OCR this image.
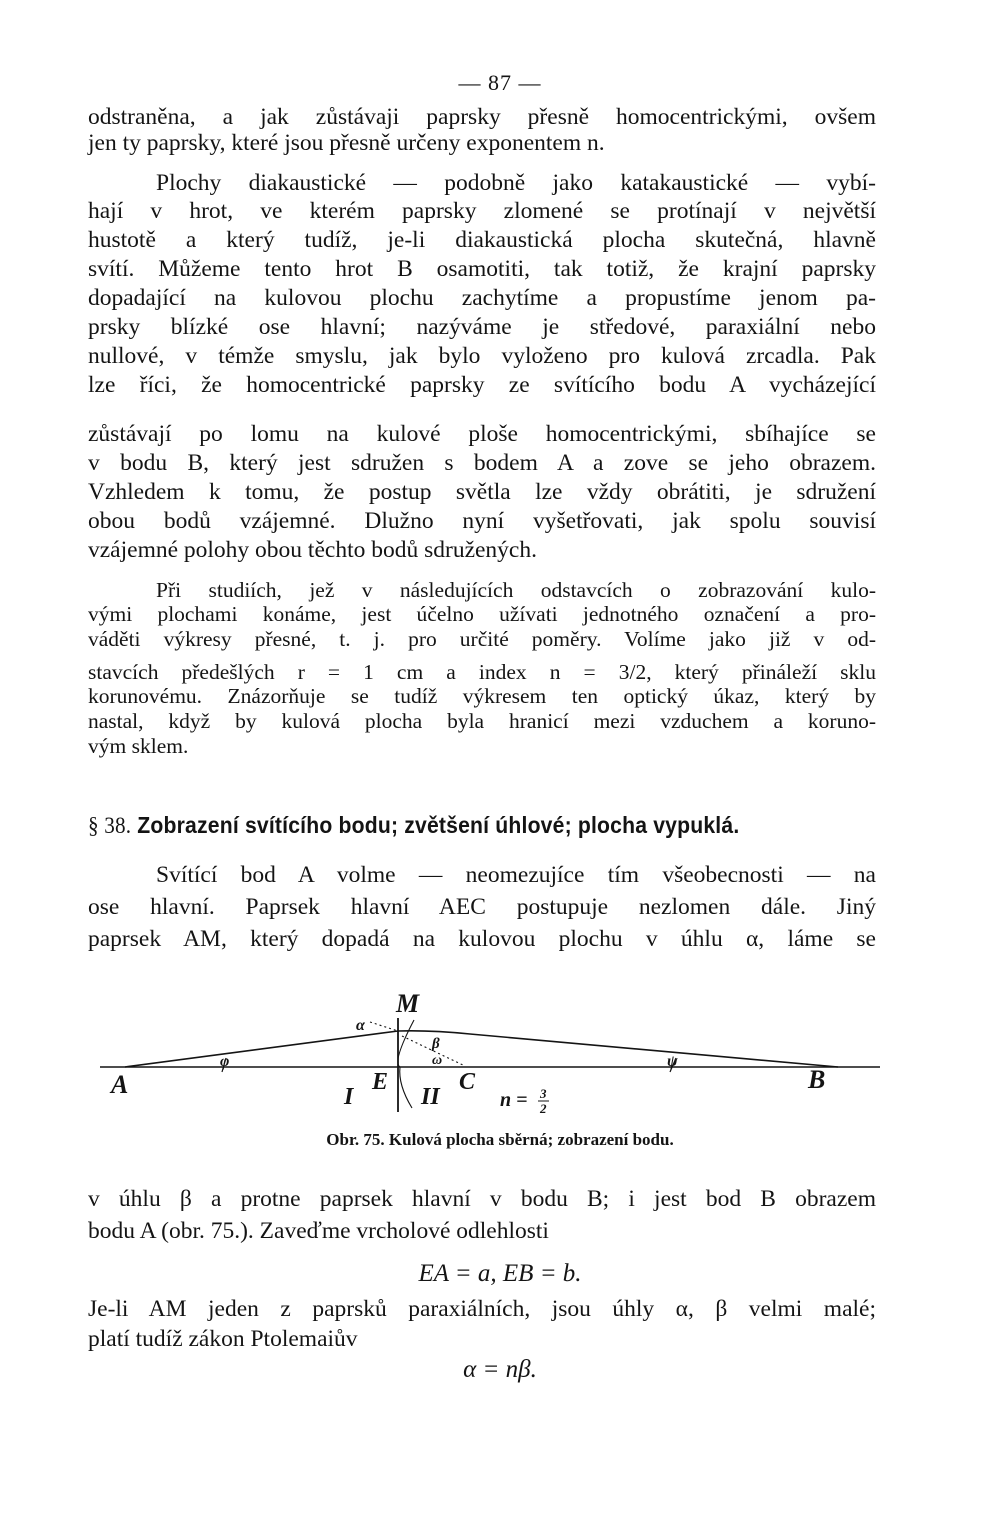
— 87 —
odstraněna, a jak zůstávaji paprsky přesně homocentrickými, ovšem
jen ty paprsky, které jsou přesně určeny exponentem n.
Plochy diakaustické — podobně jako katakaustické — vybí-
hají v hrot, ve kterém paprsky zlomené se protínají v největší
hustotě a který tudíž, je-li diakaustická plocha skutečná, hlavně
svítí. Můžeme tento hrot B osamotiti, tak totiž, že krajní paprsky
dopadající na kulovou plochu zachytíme a propustíme jenom pa-
prsky blízké ose hlavní; nazýváme je středové, paraxiální nebo
nullové, v témže smyslu, jak bylo vyloženo pro kulová zrcadla. Pak
lze říci, že homocentrické paprsky ze svítícího bodu A vycházející
zůstávají po lomu na kulové ploše homocentrickými, sbíhajíce se
v bodu B, který jest sdružen s bodem A a zove se jeho obrazem.
Vzhledem k tomu, že postup světla lze vždy obrátiti, je sdružení
obou bodů vzájemné. Dlužno nyní vyšetřovati, jak spolu souvisí
vzájemné polohy obou těchto bodů sdružených.
Při studiích, jež v následujících odstavcích o zobrazování kulo-
vými plochami konáme, jest účelno užívati jednotného označení a pro-
váděti výkresy přesné, t. j. pro určité poměry. Volíme jako již v od-
stavcích předešlých r = 1 cm a index n = 3/2, který přináleží sklu
korunovému. Znázorňuje se tudíž výkresem ten optický úkaz, který by
nastal, když by kulová plocha byla hranicí mezi vzduchem a koruno-
vým sklem.
§ 38. Zobrazení svítícího bodu; zvětšení úhlové; plocha vypuklá.
Svítící bod A volme — neomezujíce tím všeobecnosti — na
ose hlavní. Paprsek hlavní AEC postupuje nezlomen dále. Jiný
paprsek AM, který dopadá na kulovou plochu v úhlu α, láme se
A	B
M
E	C
I	II
α
β
ω
φ	ψ
n = 3
2
Obr. 75. Kulová plocha sběrná; zobrazení bodu.
v úhlu β a protne paprsek hlavní v bodu B; i jest bod B obrazem
bodu A (obr. 75.). Zaveďme vrcholové odlehlosti
EA = a, EB = b.
Je-li AM jeden z paprsků paraxiálních, jsou úhly α, β velmi malé;
platí tudíž zákon Ptolemaiův
α = nβ.
